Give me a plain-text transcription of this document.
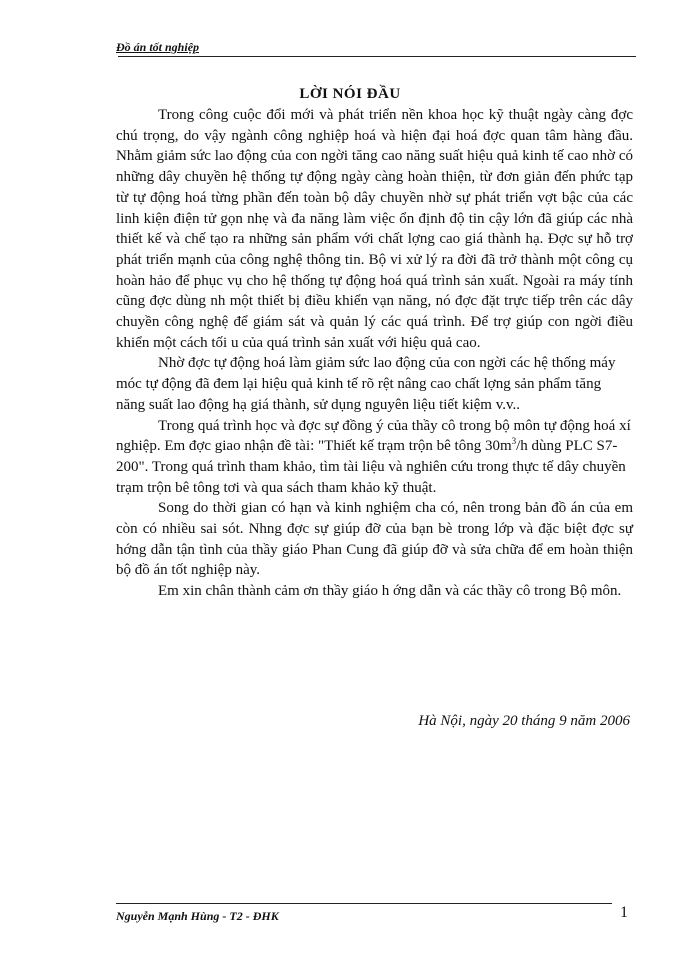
Đồ án tốt nghiệp
LỜI NÓI ĐẦU

Trong công cuộc đổi mới và phát triển nền khoa học kỹ thuật ngày càng đợc chú trọng, do vậy ngành công nghiệp hoá và hiện đại hoá đợc quan tâm hàng đầu. Nhằm giảm sức lao động của con ngời tăng cao năng suất hiệu quả kinh tế cao nhờ có những dây chuyền hệ thống tự động ngày càng hoàn thiện, từ đơn giản đến phức tạp từ tự động hoá từng phần đến toàn bộ dây chuyền nhờ sự phát triển vợt bậc của các linh kiện điện tử gọn nhẹ và đa năng làm việc ổn định độ tin cậy lớn đã giúp các nhà thiết kế và chế tạo ra những sản phẩm với chất lợng cao giá thành hạ. Đợc sự hỗ trợ phát triển mạnh của công nghệ thông tin. Bộ vi xử lý ra đời đã trở thành một công cụ hoàn hảo để phục vụ cho hệ thống tự động hoá quá trình sản xuất. Ngoài ra máy tính cũng đợc dùng nh một thiết bị điều khiển vạn năng, nó đợc đặt trực tiếp trên các dây chuyền công nghệ để giám sát và quản lý các quá trình. Để trợ giúp con ngời điều khiển một cách tối u của quá trình sản xuất với hiệu quả cao.

Nhờ đợc tự động hoá làm giảm sức lao động của con ngời các hệ thống máy móc tự động đã đem lại hiệu quả kinh tế rõ rệt nâng cao chất lợng sản phẩm tăng năng suất lao động hạ giá thành, sử dụng nguyên liệu tiết kiệm v.v..

Trong quá trình học và đợc sự đồng ý của thầy cô trong bộ môn tự động hoá xí nghiệp. Em đợc giao nhận đề tài: "Thiết kế trạm trộn bê tông $30m^3/h$ dùng PLC S7-200". Trong quá trình tham khảo, tìm tài liệu và nghiên cứu trong thực tế dây chuyền trạm trộn bê tông tơi và qua sách tham khảo kỹ thuật.

Song do thời gian có hạn và kinh nghiệm cha có, nên trong bản đồ án của em còn có nhiều sai sót. Nhng đợc sự giúp đỡ của bạn bè trong lớp và đặc biệt đợc sự hớng dẫn tận tình của thầy giáo Phan Cung đã giúp đỡ và sửa chữa để em hoàn thiện bộ đồ án tốt nghiệp này.

Em xin chân thành cảm ơn thầy giáo h ớng dẫn và các thầy cô trong Bộ môn.

Hà Nội, ngày 20 tháng 9 năm 2006
Nguyễn Mạnh Hùng - T2 - ĐHK	1
